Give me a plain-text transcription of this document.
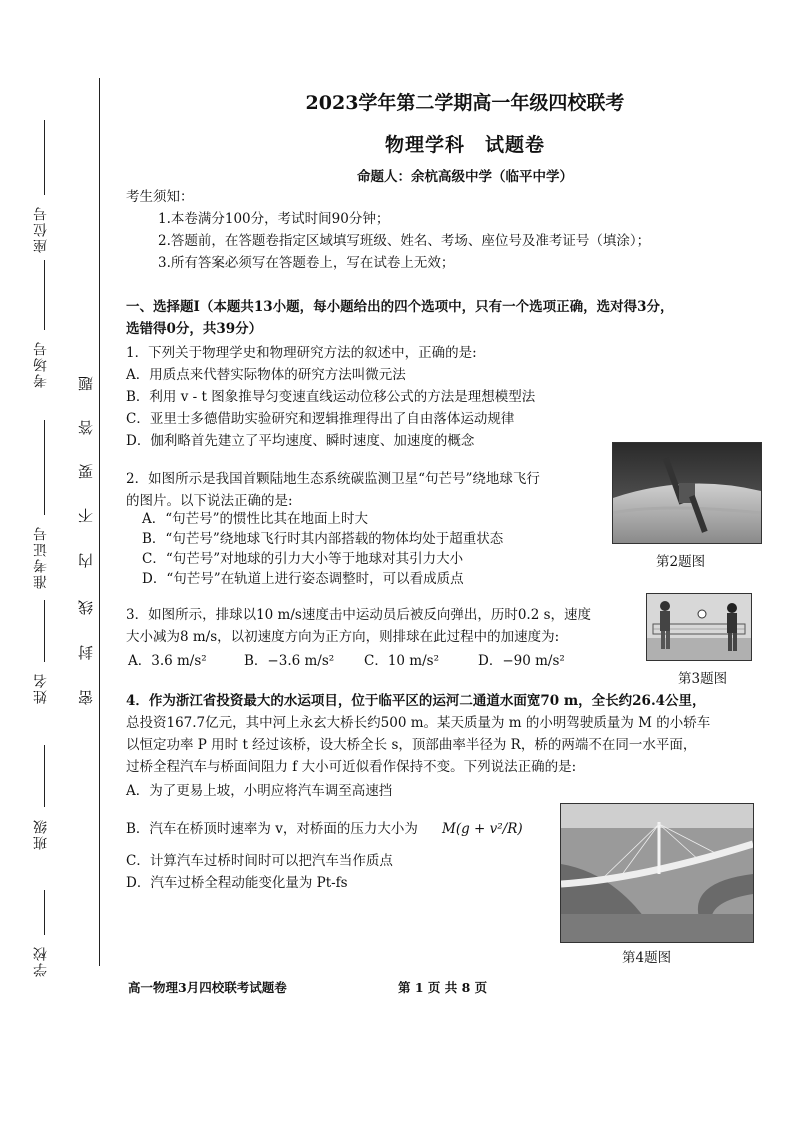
座位号
考场号
准考证号
姓名
班级
学校
题
答
要
不
内
线
封
密
2023学年第二学期高一年级四校联考
物理学科　试题卷
命题人：余杭高级中学（临平中学）
考生须知：
1.本卷满分100分，考试时间90分钟；
2.答题前，在答题卷指定区域填写班级、姓名、考场、座位号及准考证号（填涂）；
3.所有答案必须写在答题卷上，写在试卷上无效；
一、选择题Ⅰ（本题共13小题，每小题给出的四个选项中，只有一个选项正确，选对得3分，
选错得0分，共39分）
1．下列关于物理学史和物理研究方法的叙述中，正确的是:
A．用质点来代替实际物体的研究方法叫微元法
B．利用 v - t 图象推导匀变速直线运动位移公式的方法是理想模型法
C．亚里士多德借助实验研究和逻辑推理得出了自由落体运动规律
D．伽利略首先建立了平均速度、瞬时速度、加速度的概念
2．如图所示是我国首颗陆地生态系统碳监测卫星“句芒号”绕地球飞行
的图片。以下说法正确的是:
A．“句芒号”的惯性比其在地面上时大
B．“句芒号”绕地球飞行时其内部搭载的物体均处于超重状态
C．“句芒号”对地球的引力大小等于地球对其引力大小
D．“句芒号”在轨道上进行姿态调整时，可以看成质点
第2题图
3．如图所示，排球以10 m/s速度击中运动员后被反向弹出，历时0.2 s，速度
大小减为8 m/s，以初速度方向为正方向，则排球在此过程中的加速度为:
A．3.6 m/s²	B．−3.6 m/s² C．10 m/s²	D．−90 m/s²
第3题图
4．作为浙江省投资最大的水运项目，位于临平区的运河二通道水面宽70 m，全长约26.4公里，
总投资167.7亿元，其中河上永玄大桥长约500 m。某天质量为 m 的小明驾驶质量为 M 的小轿车
以恒定功率 P 用时 t 经过该桥，设大桥全长 s，顶部曲率半径为 R，桥的两端不在同一水平面，
过桥全程汽车与桥面间阻力 f 大小可近似看作保持不变。下列说法正确的是:
A．为了更易上坡，小明应将汽车调至高速挡
B．汽车在桥顶时速率为 v，对桥面的压力大小为 M(g + v²/R)
C．计算汽车过桥时间时可以把汽车当作质点
D．汽车过桥全程动能变化量为 Pt-fs
第4题图
高一物理3月四校联考试题卷	第 1 页 共 8 页
